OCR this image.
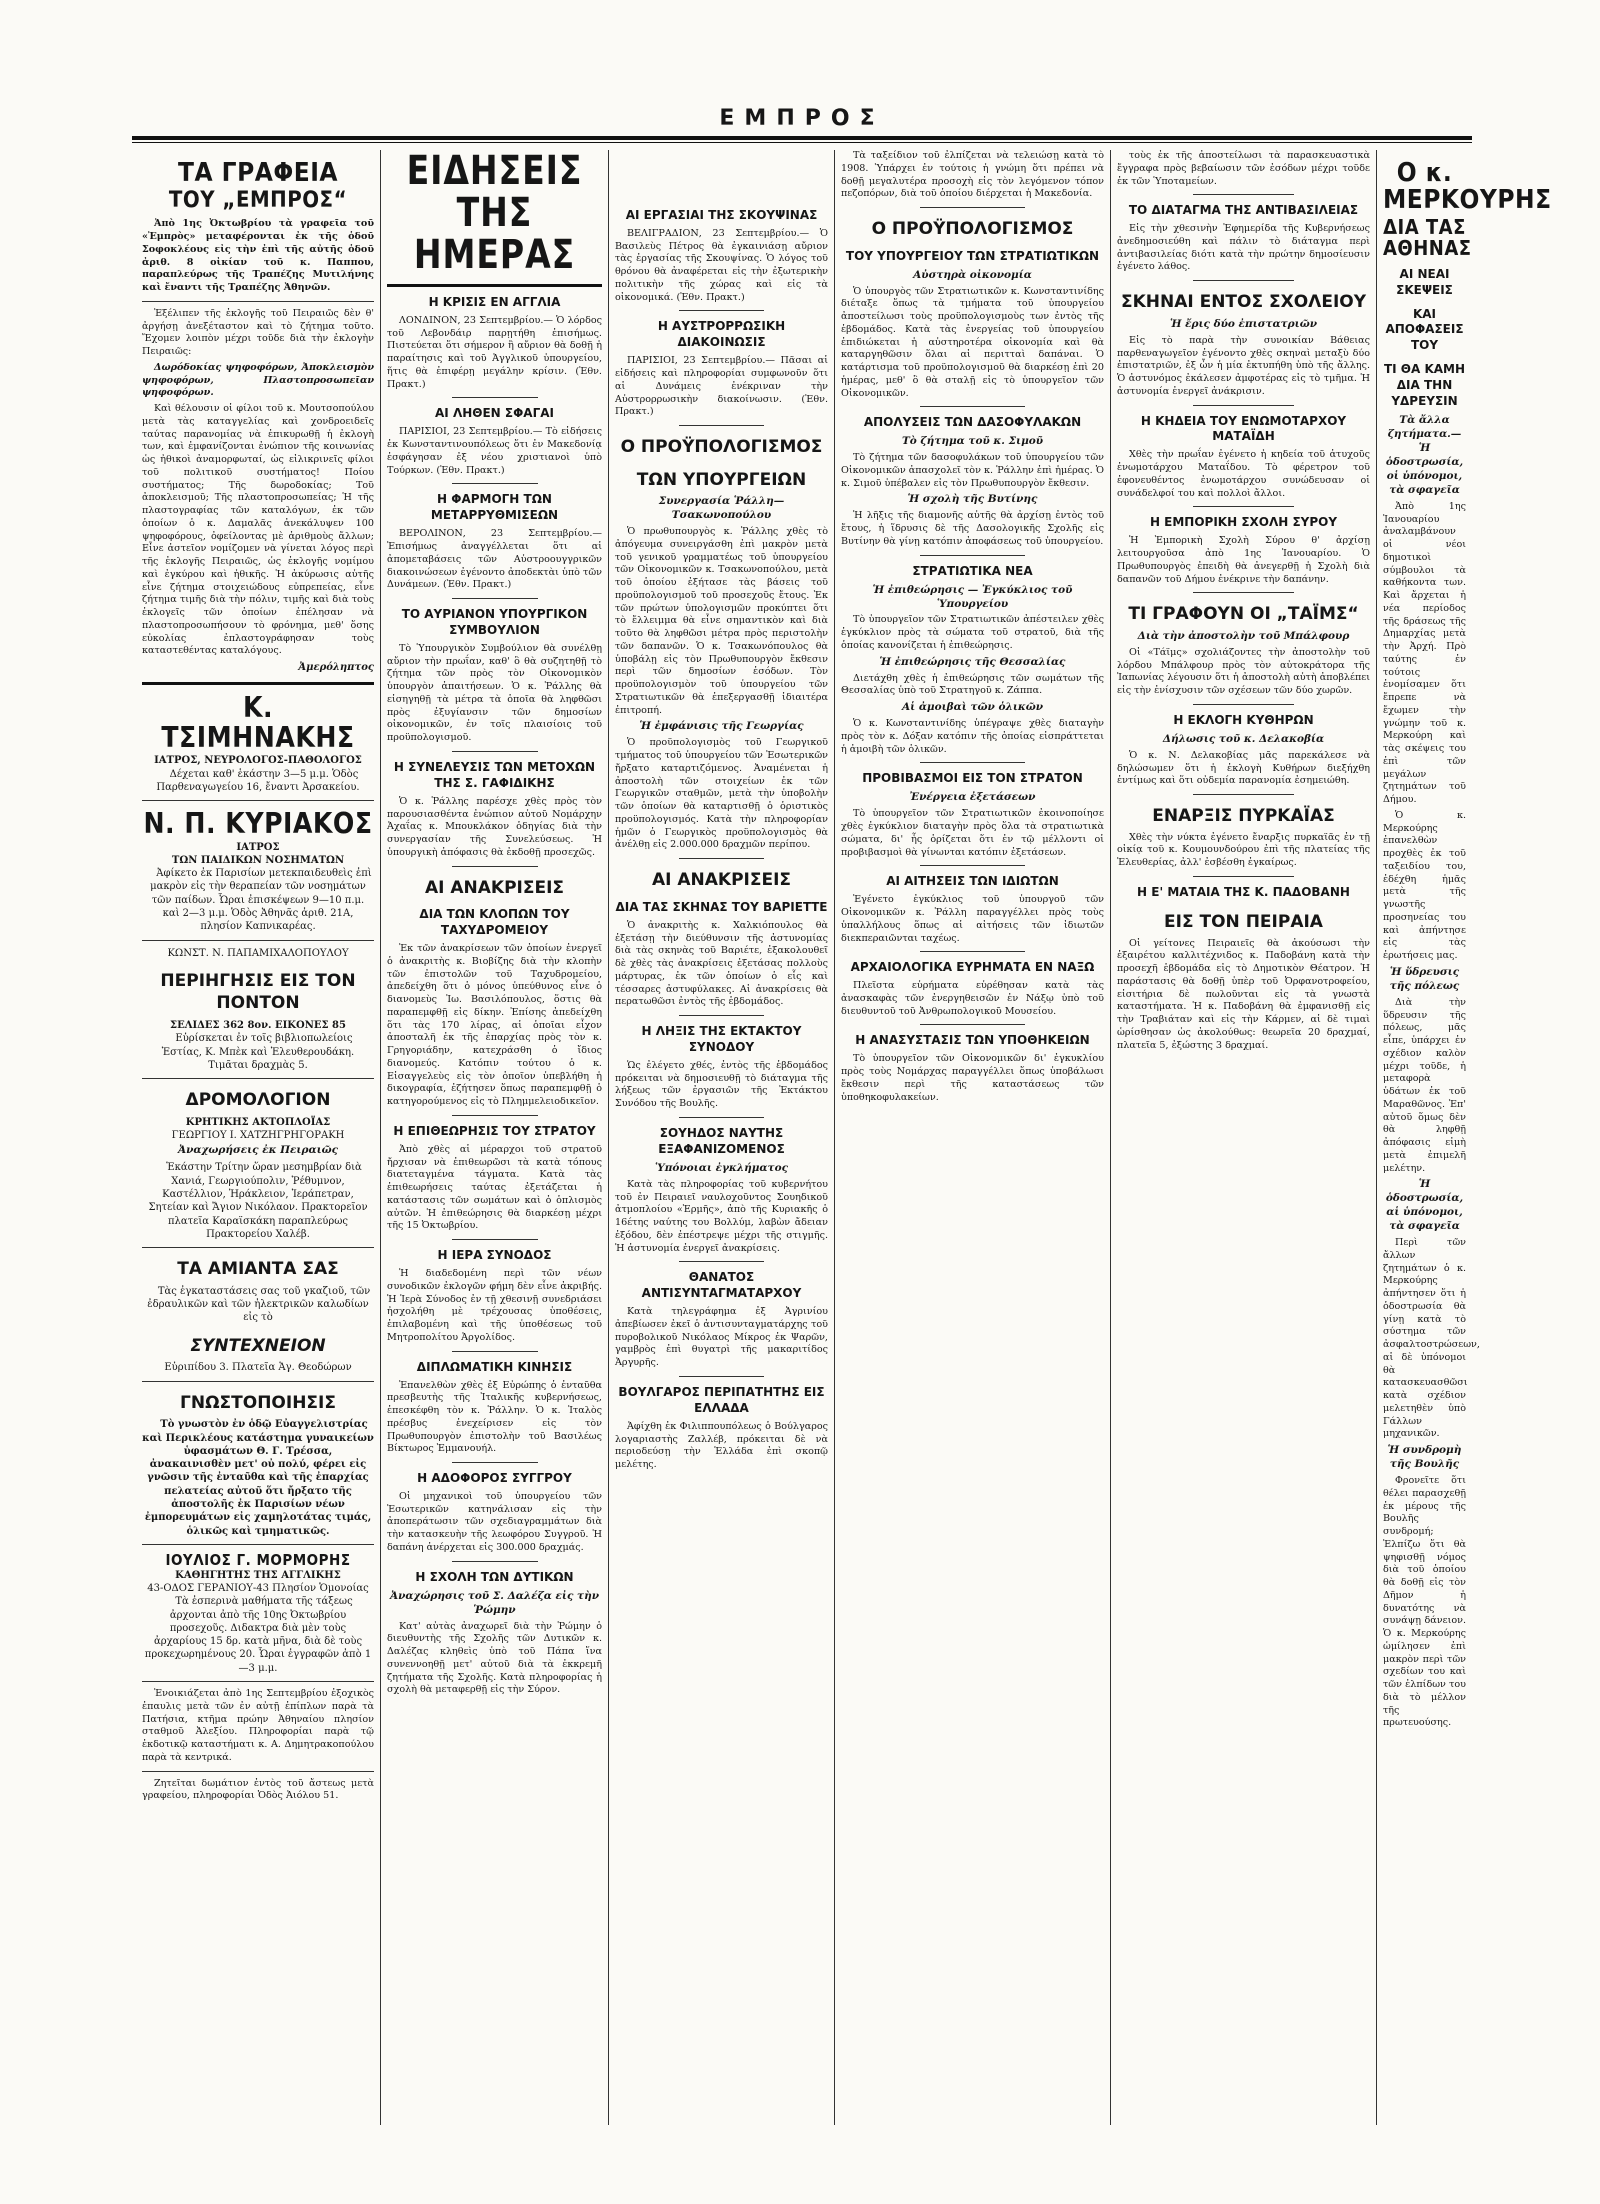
ΕΜΠΡΟΣ
ΤΑ ΓΡΑΦΕΙΑ
ΤΟΥ „ΕΜΠΡΟΣ“

Ἀπὸ 1ης Ὀκτωβρίου τὰ γραφεῖα τοῦ «Ἐμπρὸς» μεταφέρονται ἐκ τῆς ὁδοῦ Σοφοκλέους εἰς τὴν ἐπὶ τῆς αὐτῆς ὁδοῦ ἀριθ. 8 οἰκίαν τοῦ κ. Παππου, παραπλεύρως τῆς Τραπέζης Μυτιλήνης καὶ ἔναντι τῆς Τραπέζης Ἀθηνῶν.

Ἐξέλιπεν τῆς ἐκλογῆς τοῦ Πειραιῶς δὲν θ' ἀργήσῃ ἀνεξέταστον καὶ τὸ ζήτημα τοῦτο. Ἔχομεν λοιπὸν μέχρι τοῦδε διὰ τὴν ἐκλογὴν Πειραιῶς:

Δωρόδοκίας ψηφοφόρων, Ἀποκλεισμὸν ψηφοφόρων, Πλαστοπροσωπεῖαν ψηφοφόρων.

Καὶ θέλουσιν οἱ φίλοι τοῦ κ. Μουτσοπούλου μετὰ τὰς καταγγελίας καὶ χονδροειδεῖς ταύτας παρανομίας νὰ ἐπικυρωθῇ ἡ ἐκλογὴ των, καὶ ἐμφανίζονται ἐνώπιον τῆς κοινωνίας ὡς ἠθικοὶ ἀναμορφωταί, ὡς εἰλικρινεῖς φίλοι τοῦ πολιτικοῦ συστήματος! Ποίου συστήματος; Τῆς δωροδοκίας; Τοῦ ἀποκλεισμοῦ; Τῆς πλαστοπροσωπείας; Ἡ τῆς πλαστογραφίας τῶν καταλόγων, ἐκ τῶν ὁποίων ὁ κ. Δαμαλᾶς ἀνεκάλυψεν 100 ψηφοφόρους, ὀφείλοντας μὲ ἀριθμοὺς ἄλλων; Εἶνε ἀστεῖον νομίζομεν νὰ γίνεται λόγος περὶ τῆς ἐκλογῆς Πειραιῶς, ὡς ἐκλογῆς νομίμου καὶ ἐγκύρου καὶ ἠθικῆς. Ἡ ἀκύρωσις αὐτῆς εἶνε ζήτημα στοιχειώδους εὐπρεπείας, εἶνε ζήτημα τιμῆς διὰ τὴν πόλιν, τιμῆς καὶ διὰ τοὺς ἐκλογεῖς τῶν ὁποίων ἐπέλησαν νὰ πλαστοπροσωπήσουν τὸ φρόνημα, μεθ' ὅσης εὐκολίας ἐπλαστογράφησαν τοὺς καταστεθέντας καταλόγους.

Ἀμερόληπτος
Κ. ΤΣΙΜΗΝΑΚΗΣ
ΙΑΤΡΟΣ, ΝΕΥΡΟΛΟΓΟΣ-ΠΑΘΟΛΟΓΟΣ

Δέχεται καθ' ἑκάστην 3—5 μ.μ. Ὁδὸς Παρθεναγωγείου 16, ἔναντι Ἀρσακείου.

Ν. Π. ΚΥΡΙΑΚΟΣ
ΙΑΤΡΟΣ
ΤΩΝ ΠΑΙΔΙΚΩΝ ΝΟΣΗΜΑΤΩΝ

Ἀφίκετο ἐκ Παρισίων μετεκπαιδευθεὶς ἐπὶ μακρὸν εἰς τὴν θεραπείαν τῶν νοσημάτων τῶν παίδων. Ὧραι ἐπισκέψεων 9—10 π.μ. καὶ 2—3 μ.μ. Ὁδὸς Ἀθηνᾶς ἀριθ. 21Α, πλησίον Καπνικαρέας.

ΚΩΝΣΤ. Ν. ΠΑΠΑΜΙΧΑΛΟΠΟΥΛΟΥ
ΠΕΡΙΗΓΗΣΙΣ ΕΙΣ ΤΟΝ ΠΟΝΤΟΝ
ΣΕΛΙΔΕΣ 362 8ον. ΕΙΚΟΝΕΣ 85

Εὑρίσκεται ἐν τοῖς βιβλιοπωλείοις Ἑστίας, Κ. Μπὲκ καὶ Ἐλευθερουδάκη. Τιμᾶται δραχμὰς 5.

ΔΡΟΜΟΛΟΓΙΟΝ
ΚΡΗΤΙΚΗΣ ΑΚΤΟΠΛΟΪΑΣ
ΓΕΩΡΓΙΟΥ Ι. ΧΑΤΖΗΓΡΗΓΟΡΑΚΗ
Ἀναχωρήσεις ἐκ Πειραιῶς

Ἑκάστην Τρίτην ὥραν μεσημβρίαν διὰ Χανιά, Γεωργιούπολιν, Ῥέθυμνον, Καστέλλιον, Ἡράκλειον, Ἱεράπετραν, Σητείαν καὶ Ἄγιον Νικόλαον. Πρακτορεῖον πλατεῖα Καραϊσκάκη παραπλεύρως Πρακτορείου Χαλέβ.

ΤΑ ΑΜΙΑΝΤΑ ΣΑΣ

Τὰς ἐγκαταστάσεις σας τοῦ γκαζιοῦ, τῶν ἐδραυλικῶν καὶ τῶν ἠλεκτρικῶν καλωδίων εἰς τὸ

ΣΥΝΤΕΧΝΕΙΟΝ
Εὐριπίδου 3. Πλατεῖα Ἁγ. Θεοδώρων
ΓΝΩΣΤΟΠΟΙΗΣΙΣ

Τὸ γνωστὸν ἐν ὁδῷ Εὐαγγελιστρίας καὶ Περικλέους κατάστημα γυναικείων ὑφασμάτων Θ. Γ. Τρέσσα, ἀνακαινισθὲν μετ' οὐ πολύ, φέρει εἰς γνῶσιν τῆς ἐνταῦθα καὶ τῆς ἐπαρχίας πελατείας αὐτοῦ ὅτι ἤρξατο τῆς ἀποστολῆς ἐκ Παρισίων νέων ἐμπορευμάτων εἰς χαμηλοτάτας τιμάς, ὁλικῶς καὶ τμηματικῶς.

ΙΟΥΛΙΟΣ Γ. ΜΟΡΜΟΡΗΣ
ΚΑΘΗΓΗΤΗΣ ΤΗΣ ΑΓΓΛΙΚΗΣ
43-ΟΔΟΣ ΓΕΡΑΝΙΟΥ-43 Πλησίον Ὁμονοίας

Τὰ ἐσπερινὰ μαθήματα τῆς τάξεως ἀρχονται ἀπὸ τῆς 10ης Ὀκτωβρίου προσεχοῦς. Διδακτρα διὰ μὲν τοὺς ἀρχαρίους 15 δρ. κατὰ μῆνα, διὰ δὲ τοὺς προκεχωρημένους 20. Ὧραι ἐγγραφῶν ἀπὸ 1—3 μ.μ.

Ἐνοικιάζεται ἀπὸ 1ης Σεπτεμβρίου ἐξοχικὸς ἐπαυλις μετὰ τῶν ἐν αὐτῇ ἐπίπλων παρὰ τὰ Πατήσια, κτῆμα πρώην Ἀθηναίου πλησίον σταθμοῦ Ἀλεξίου. Πληροφορίαι παρὰ τῷ ἐκδοτικῷ καταστήματι κ. Α. Δημητρακοπούλου παρὰ τὰ κεντρικά.

Ζητεῖται δωμάτιον ἐντὸς τοῦ ἄστεως μετὰ γραφείου, πληροφορίαι Ὁδὸς Ἀιόλου 51.

ΕΙΔΗΣΕΙΣ ΤΗΣ ΗΜΕΡΑΣ
Η ΚΡΙΣΙΣ ΕΝ ΑΓΓΛΙΑ

ΛΟΝΔΙΝΟΝ, 23 Σεπτεμβρίου.— Ὁ λόρδος τοῦ Λεβονδάιρ παρῃτήθη ἐπισήμως. Πιστεύεται ὅτι σήμερον ἢ αὔριον θὰ δοθῇ ἡ παραίτησις καὶ τοῦ Ἀγγλικοῦ ὑπουργείου, ἥτις θὰ ἐπιφέρῃ μεγάλην κρίσιν. (Ἐθν. Πρακτ.)

ΑΙ ΛΗΘΕΝ ΣΦΑΓΑΙ

ΠΑΡΙΣΙΟΙ, 23 Σεπτεμβρίου.— Τὸ εἰδήσεις ἐκ Κωνσταντινουπόλεως ὅτι ἐν Μακεδονίᾳ ἐσφάγησαν ἐξ νέου χριστιανοὶ ὑπὸ Τούρκων. (Ἐθν. Πρακτ.)

Η ΦΑΡΜΟΓΗ ΤΩΝ ΜΕΤΑΡΡΥΘΜΙΣΕΩΝ

ΒΕΡΟΛΙΝΟΝ, 23 Σεπτεμβρίου.— Ἐπισήμως ἀναγγέλλεται ὅτι αἱ ἀπομεταβάσεις τῶν Αὐστροουγγρικῶν διακοινώσεων ἐγένοντο ἀποδεκτὰι ὑπὸ τῶν Δυνάμεων. (Ἐθν. Πρακτ.)

ΤΟ ΑΥΡΙΑΝΟΝ ΥΠΟΥΡΓΙΚΟΝ ΣΥΜΒΟΥΛΙΟΝ

Τὸ Ὑπουργικὸν Συμβούλιον θὰ συνέλθῃ αὔριον τὴν πρωΐαν, καθ' ὃ θὰ συζητηθῇ τὸ ζήτημα τῶν πρὸς τὸν Οἰκονομικὸν ὑπουργὸν ἀπαιτήσεων. Ὁ κ. Ῥάλλης θὰ εἰσηγηθῇ τὰ μέτρα τὰ ὁποῖα θὰ ληφθῶσι πρὸς ἐξυγίανσιν τῶν δημοσίων οἰκονομικῶν, ἐν τοῖς πλαισίοις τοῦ προϋπολογισμοῦ.

Η ΣΥΝΕΛΕΥΣΙΣ ΤΩΝ ΜΕΤΟΧΩΝ ΤΗΣ Σ. ΓΑΦΙΔΙΚΗΣ

Ὁ κ. Ῥάλλης παρέσχε χθὲς πρὸς τὸν παρουσιασθέντα ἐνώπιον αὐτοῦ Νομάρχην Ἀχαΐας κ. Μπουκλάκον ὁδηγίας διὰ τὴν συνεργασίαν τῆς Συνελεύσεως. Ἡ ὑπουργικὴ ἀπόφασις θὰ ἐκδοθῇ προσεχῶς.

ΑΙ ΑΝΑΚΡΙΣΕΙΣ
ΔΙΑ ΤΩΝ ΚΛΟΠΩΝ ΤΟΥ ΤΑΧΥΔΡΟΜΕΙΟΥ

Ἐκ τῶν ἀνακρίσεων τῶν ὁποίων ἐνεργεῖ ὁ ἀνακριτὴς κ. Βιοβίζης διὰ τὴν κλοπὴν τῶν ἐπιστολῶν τοῦ Ταχυδρομείου, ἀπεδείχθη ὅτι ὁ μόνος ὑπεύθυνος εἶνε ὁ διανομεὺς Ἰω. Βασιλόπουλος, ὅστις θὰ παραπεμφθῇ εἰς δίκην. Ἐπίσης ἀπεδείχθη ὅτι τὰς 170 λίρας, αἱ ὁποῖαι εἶχον ἀποσταλῆ ἐκ τῆς ἐπαρχίας πρὸς τὸν κ. Γρηγοριάδην, κατεχράσθη ὁ ἴδιος διανομεύς. Κατόπιν τούτου ὁ κ. Εἰσαγγελεὺς εἰς τὸν ὁποῖον ὑπεβλήθη ἡ δικογραφία, ἐζήτησεν ὅπως παραπεμφθῇ ὁ κατηγορούμενος εἰς τὸ Πλημμελειοδικεῖον.

Η ΕΠΙΘΕΩΡΗΣΙΣ ΤΟΥ ΣΤΡΑΤΟΥ

Ἀπὸ χθὲς αἱ μέραρχοι τοῦ στρατοῦ ἤρχισαν νὰ ἐπιθεωρῶσι τὰ κατὰ τόπους διατεταγμένα τάγματα. Κατὰ τὰς ἐπιθεωρήσεις ταύτας ἐξετάζεται ἡ κατάστασις τῶν σωμάτων καὶ ὁ ὁπλισμὸς αὐτῶν. Ἡ ἐπιθεώρησις θὰ διαρκέσῃ μέχρι τῆς 15 Ὀκτωβρίου.

Η ΙΕΡΑ ΣΥΝΟΔΟΣ

Ἡ διαδεδομένη περὶ τῶν νέων συνοδικῶν ἐκλογῶν φήμη δὲν εἶνε ἀκριβής. Ἡ Ἱερὰ Σύνοδος ἐν τῇ χθεσινῇ συνεδριάσει ἠσχολήθη μὲ τρέχουσας ὑποθέσεις, ἐπιλαβομένη καὶ τῆς ὑποθέσεως τοῦ Μητροπολίτου Ἀργολίδος.

ΔΙΠΛΩΜΑΤΙΚΗ ΚΙΝΗΣΙΣ

Ἐπανελθὼν χθὲς ἐξ Εὐρώπης ὁ ἐνταῦθα πρεσβευτὴς τῆς Ἰταλικῆς κυβερνήσεως, ἐπεσκέφθη τὸν κ. Ῥάλλην. Ὁ κ. Ἰταλὸς πρέσβυς ἐνεχείρισεν εἰς τὸν Πρωθυπουργὸν ἐπιστολὴν τοῦ Βασιλέως Βίκτωρος Ἐμμανουήλ.

Η ΑΔΟΦΟΡΟΣ ΣΥΓΓΡΟΥ

Οἱ μηχανικοὶ τοῦ ὑπουργείου τῶν Ἐσωτερικῶν κατηνάλισαν εἰς τὴν ἀποπεράτωσιν τῶν σχεδιαγραμμάτων διὰ τὴν κατασκευὴν τῆς λεωφόρου Συγγροῦ. Ἡ δαπάνη ἀνέρχεται εἰς 300.000 δραχμάς.

Η ΣΧΟΛΗ ΤΩΝ ΔΥΤΙΚΩΝ
Ἀναχώρησις τοῦ Σ. Δαλέζα εἰς τὴν Ῥώμην

Κατ' αὐτὰς ἀναχωρεῖ διὰ τὴν Ῥώμην ὁ διευθυντὴς τῆς Σχολῆς τῶν Δυτικῶν κ. Δαλέζας κληθεὶς ὑπὸ τοῦ Πάπα ἵνα συνεννοηθῇ μετ' αὐτοῦ διὰ τὰ ἐκκρεμῆ ζητήματα τῆς Σχολῆς. Κατὰ πληροφορίας ἡ σχολὴ θὰ μεταφερθῇ εἰς τὴν Σύρον.

ΑΙ ΕΡΓΑΣΙΑΙ ΤΗΣ ΣΚΟΥΨΙΝΑΣ

ΒΕΛΙΓΡΑΔΙΟΝ, 23 Σεπτεμβρίου.— Ὁ Βασιλεὺς Πέτρος θὰ ἐγκαινιάσῃ αὔριον τὰς ἐργασίας τῆς Σκουψίνας. Ὁ λόγος τοῦ θρόνου θὰ ἀναφέρεται εἰς τὴν ἐξωτερικὴν πολιτικὴν τῆς χώρας καὶ εἰς τὰ οἰκονομικά. (Ἐθν. Πρακτ.)

Η ΑΥΣΤΡΟΡΡΩΣΙΚΗ ΔΙΑΚΟΙΝΩΣΙΣ

ΠΑΡΙΣΙΟΙ, 23 Σεπτεμβρίου.— Πᾶσαι αἱ εἰδήσεις καὶ πληροφορίαι συμφωνοῦν ὅτι αἱ Δυνάμεις ἐνέκριναν τὴν Αὐστρορρωσικὴν διακοίνωσιν. (Ἐθν. Πρακτ.)

Ο ΠΡΟΫΠΟΛΟΓΙΣΜΟΣ
ΤΩΝ ΥΠΟΥΡΓΕΙΩΝ
Συνεργασία Ῥάλλη—Τσακωνοπούλου

Ὁ πρωθυπουργὸς κ. Ῥάλλης χθὲς τὸ ἀπόγευμα συνειργάσθη ἐπὶ μακρὸν μετὰ τοῦ γενικοῦ γραμματέως τοῦ ὑπουργείου τῶν Οἰκονομικῶν κ. Τσακωνοπούλου, μετὰ τοῦ ὁποίου ἐξήτασε τὰς βάσεις τοῦ προϋπολογισμοῦ τοῦ προσεχοῦς ἔτους. Ἐκ τῶν πρώτων ὑπολογισμῶν προκύπτει ὅτι τὸ ἔλλειμμα θὰ εἶνε σημαντικὸν καὶ διὰ τοῦτο θὰ ληφθῶσι μέτρα πρὸς περιστολὴν τῶν δαπανῶν. Ὁ κ. Τσακωνόπουλος θὰ ὑποβάλῃ εἰς τὸν Πρωθυπουργὸν ἔκθεσιν περὶ τῶν δημοσίων ἐσόδων. Τὸν προϋπολογισμὸν τοῦ ὑπουργείου τῶν Στρατιωτικῶν θὰ ἐπεξεργασθῇ ἰδιαιτέρα ἐπιτροπή.

Ἡ ἐμφάνισις τῆς Γεωργίας

Ὁ προϋπολογισμὸς τοῦ Γεωργικοῦ τμήματος τοῦ ὑπουργείου τῶν Ἐσωτερικῶν ἤρξατο καταρτιζόμενος. Ἀναμένεται ἡ ἀποστολὴ τῶν στοιχείων ἐκ τῶν Γεωργικῶν σταθμῶν, μετὰ τὴν ὑποβολὴν τῶν ὁποίων θὰ καταρτισθῇ ὁ ὁριστικὸς προϋπολογισμός. Κατὰ τὴν πληροφορίαν ἡμῶν ὁ Γεωργικὸς προϋπολογισμὸς θὰ ἀνέλθῃ εἰς 2.000.000 δραχμῶν περίπου.

ΑΙ ΑΝΑΚΡΙΣΕΙΣ
ΔΙΑ ΤΑΣ ΣΚΗΝΑΣ ΤΟΥ ΒΑΡΙΕΤΤΕ

Ὁ ἀνακριτὴς κ. Χαλκιόπουλος θὰ ἐξετάσῃ τὴν διεύθυνσιν τῆς ἀστυνομίας διὰ τὰς σκηνὰς τοῦ Βαριέτε, ἐξακολουθεῖ δὲ χθὲς τὰς ἀνακρίσεις ἐξετάσας πολλοὺς μάρτυρας, ἐκ τῶν ὁποίων ὁ εἷς καὶ τέσσαρες ἀστυφύλακες. Αἱ ἀνακρίσεις θὰ περατωθῶσι ἐντὸς τῆς ἑβδομάδος.

Η ΛΗΞΙΣ ΤΗΣ ΕΚΤΑΚΤΟΥ ΣΥΝΟΔΟΥ

Ὡς ἐλέγετο χθές, ἐντὸς τῆς ἑβδομάδος πρόκειται νὰ δημοσιευθῇ τὸ διάταγμα τῆς λήξεως τῶν ἐργασιῶν τῆς Ἐκτάκτου Συνόδου τῆς Βουλῆς.

ΣΟΥΗΔΟΣ ΝΑΥΤΗΣ ΕΞΑΦΑΝΙΖΟΜΕΝΟΣ
Ὑπόνοιαι ἐγκλήματος

Κατὰ τὰς πληροφορίας τοῦ κυβερνήτου τοῦ ἐν Πειραιεῖ ναυλοχοῦντος Σουηδικοῦ ἀτμοπλοίου «Ἑρμῆς», ἀπὸ τῆς Κυριακῆς ὁ 16έτης ναύτης του Βολλύμ, λαβὼν ἄδειαν ἐξόδου, δὲν ἐπέστρεψε μέχρι τῆς στιγμῆς. Ἡ ἀστυνομία ἐνεργεῖ ἀνακρίσεις.

ΘΑΝΑΤΟΣ ΑΝΤΙΣΥΝΤΑΓΜΑΤΑΡΧΟΥ

Κατὰ τηλεγράφημα ἐξ Ἀγρινίου ἀπεβίωσεν ἐκεῖ ὁ ἀντισυνταγματάρχης τοῦ πυροβολικοῦ Νικόλαος Μίκρος ἐκ Ψαρῶν, γαμβρὸς ἐπὶ θυγατρὶ τῆς μακαριτίδος Ἀργυρῆς.

ΒΟΥΛΓΑΡΟΣ ΠΕΡΙΠΑΤΗΤΗΣ ΕΙΣ ΕΛΛΑΔΑ

Ἀφίχθη ἐκ Φιλιππουπόλεως ὁ Βούλγαρος λογαριαστὴς Ζαλλέβ, πρόκειται δὲ νὰ περιοδεύσῃ τὴν Ἑλλάδα ἐπὶ σκοπῷ μελέτης.

Τὰ ταξείδιον τοῦ ἐλπίζεται νὰ τελειώσῃ κατὰ τὸ 1908. Ὑπάρχει ἐν τούτοις ἡ γνώμη ὅτι πρέπει νὰ δοθῇ μεγαλυτέρα προσοχὴ εἰς τὸν λεγόμενον τόπον πεζοπόρων, διὰ τοῦ ὁποίου διέρχεται ἡ Μακεδονία.

Ο ΠΡΟΫΠΟΛΟΓΙΣΜΟΣ
ΤΟΥ ΥΠΟΥΡΓΕΙΟΥ ΤΩΝ ΣΤΡΑΤΙΩΤΙΚΩΝ
Αὐστηρὰ οἰκονομία

Ὁ ὑπουργὸς τῶν Στρατιωτικῶν κ. Κωνσταντινίδης διέταξε ὅπως τὰ τμήματα τοῦ ὑπουργείου ἀποστείλωσι τοὺς προϋπολογισμοὺς των ἐντὸς τῆς ἑβδομάδος. Κατὰ τὰς ἐνεργείας τοῦ ὑπουργείου ἐπιδιώκεται ἡ αὐστηροτέρα οἰκονομία καὶ θὰ καταργηθῶσιν ὅλαι αἱ περιτταὶ δαπάναι. Ὁ κατάρτισμα τοῦ προϋπολογισμοῦ θὰ διαρκέσῃ ἐπὶ 20 ἡμέρας, μεθ' ὃ θὰ σταλῇ εἰς τὸ ὑπουργεῖον τῶν Οἰκονομικῶν.

ΑΠΟΛΥΣΕΙΣ ΤΩΝ ΔΑΣΟΦΥΛΑΚΩΝ
Τὸ ζήτημα τοῦ κ. Σιμοῦ

Τὸ ζήτημα τῶν δασοφυλάκων τοῦ ὑπουργείου τῶν Οἰκονομικῶν ἀπασχολεῖ τὸν κ. Ῥάλλην ἐπὶ ἡμέρας. Ὁ κ. Σιμοῦ ὑπέβαλεν εἰς τὸν Πρωθυπουργὸν ἔκθεσιν.

Ἡ σχολὴ τῆς Βυτίνης

Ἡ λῆξις τῆς διαμονῆς αὐτῆς θὰ ἀρχίσῃ ἐντὸς τοῦ ἔτους, ἡ ἵδρυσις δὲ τῆς Δασολογικῆς Σχολῆς εἰς Βυτίνην θὰ γίνῃ κατόπιν ἀποφάσεως τοῦ ὑπουργείου.

ΣΤΡΑΤΙΩΤΙΚΑ ΝΕΑ
Ἡ ἐπιθεώρησις — Ἐγκύκλιος τοῦ Ὑπουργείου

Τὸ ὑπουργεῖον τῶν Στρατιωτικῶν ἀπέστειλεν χθὲς ἐγκύκλιον πρὸς τὰ σώματα τοῦ στρατοῦ, διὰ τῆς ὁποίας κανονίζεται ἡ ἐπιθεώρησις.

Ἡ ἐπιθεώρησις τῆς Θεσσαλίας

Διετάχθη χθὲς ἡ ἐπιθεώρησις τῶν σωμάτων τῆς Θεσσαλίας ὑπὸ τοῦ Στρατηγοῦ κ. Ζάππα.

Αἱ ἀμοιβαὶ τῶν ὁλικῶν

Ὁ κ. Κωνσταντινίδης ὑπέγραψε χθὲς διαταγὴν πρὸς τὸν κ. Δόξαν κατόπιν τῆς ὁποίας εἰσπράττεται ἡ ἀμοιβὴ τῶν ὁλικῶν.

ΠΡΟΒΙΒΑΣΜΟΙ ΕΙΣ ΤΟΝ ΣΤΡΑΤΟΝ
Ἐνέργεια ἐξετάσεων

Τὸ ὑπουργεῖον τῶν Στρατιωτικῶν ἐκοινοποίησε χθὲς ἐγκύκλιον διαταγὴν πρὸς ὅλα τὰ στρατιωτικὰ σώματα, δι' ἧς ὁρίζεται ὅτι ἐν τῷ μέλλοντι οἱ προβιβασμοὶ θὰ γίνωνται κατόπιν ἐξετάσεων.

ΑΙ ΑΙΤΗΣΕΙΣ ΤΩΝ ΙΔΙΩΤΩΝ

Ἐγένετο ἐγκύκλιος τοῦ ὑπουργοῦ τῶν Οἰκονομικῶν κ. Ῥάλλη παραγγέλλει πρὸς τοὺς ὑπαλλήλους ὅπως αἱ αἰτήσεις τῶν ἰδιωτῶν διεκπεραιῶνται ταχέως.

ΑΡΧΑΙΟΛΟΓΙΚΑ ΕΥΡΗΜΑΤΑ ΕΝ ΝΑΞΩ

Πλεῖστα εὑρήματα εὑρέθησαν κατὰ τὰς ἀνασκαφὰς τῶν ἐνεργηθεισῶν ἐν Νάξῳ ὑπὸ τοῦ διευθυντοῦ τοῦ Ἀνθρωπολογικοῦ Μουσείου.

Η ΑΝΑΣΥΣΤΑΣΙΣ ΤΩΝ ΥΠΟΘΗΚΕΙΩΝ

Τὸ ὑπουργεῖον τῶν Οἰκονομικῶν δι' ἐγκυκλίου πρὸς τοὺς Νομάρχας παραγγέλλει ὅπως ὑποβάλωσι ἔκθεσιν περὶ τῆς καταστάσεως τῶν ὑποθηκοφυλακείων.

τοὺς ἐκ τῆς ἀποστείλωσι τὰ παρασκευαστικὰ ἔγγραφα πρὸς βεβαίωσιν τῶν ἐσόδων μέχρι τοῦδε ἐκ τῶν Ὑποταμείων.

ΤΟ ΔΙΑΤΑΓΜΑ ΤΗΣ ΑΝΤΙΒΑΣΙΛΕΙΑΣ

Εἰς τὴν χθεσινὴν Ἐφημερίδα τῆς Κυβερνήσεως ἀνεδημοσιεύθη καὶ πάλιν τὸ διάταγμα περὶ ἀντιβασιλείας διότι κατὰ τὴν πρώτην δημοσίευσιν ἐγένετο λάθος.

ΣΚΗΝΑΙ ΕΝΤΟΣ ΣΧΟΛΕΙΟΥ
Ἡ ἔρις δύο ἐπιστατριῶν

Εἰς τὸ παρὰ τὴν συνοικίαν Βάθειας παρθεναγωγεῖον ἐγένοντο χθὲς σκηναὶ μεταξὺ δύο ἐπιστατριῶν, ἐξ ὧν ἡ μία ἐκτυπήθη ὑπὸ τῆς ἄλλης. Ὁ ἀστυνόμος ἐκάλεσεν ἀμφοτέρας εἰς τὸ τμῆμα. Ἡ ἀστυνομία ἐνεργεῖ ἀνάκρισιν.

Η ΚΗΔΕΙΑ ΤΟΥ ΕΝΩΜΟΤΑΡΧΟΥ ΜΑΤΑΪΔΗ

Χθὲς τὴν πρωΐαν ἐγένετο ἡ κηδεία τοῦ ἀτυχοῦς ἐνωμοτάρχου Ματαΐδου. Τὸ φέρετρον τοῦ ἐφονευθέντος ἐνωμοτάρχου συνώδευσαν οἱ συνάδελφοί του καὶ πολλοὶ ἄλλοι.

Η ΕΜΠΟΡΙΚΗ ΣΧΟΛΗ ΣΥΡΟΥ

Ἡ Ἐμπορικὴ Σχολὴ Σύρου θ' ἀρχίσῃ λειτουργοῦσα ἀπὸ 1ης Ἰανουαρίου. Ὁ Πρωθυπουργὸς ἐπειδὴ θὰ ἀνεγερθῇ ἡ Σχολὴ διὰ δαπανῶν τοῦ Δήμου ἐνέκρινε τὴν δαπάνην.

ΤΙ ΓΡΑΦΟΥΝ ΟΙ „ΤΑΪΜΣ“
Διὰ τὴν ἀποστολὴν τοῦ Μπάλφουρ

Οἱ «Τάϊμς» σχολιάζοντες τὴν ἀποστολὴν τοῦ λόρδου Μπάλφουρ πρὸς τὸν αὐτοκράτορα τῆς Ἰαπωνίας λέγουσιν ὅτι ἡ ἀποστολὴ αὐτὴ ἀποβλέπει εἰς τὴν ἐνίσχυσιν τῶν σχέσεων τῶν δύο χωρῶν.

Η ΕΚΛΟΓΗ ΚΥΘΗΡΩΝ
Δήλωσις τοῦ κ. Δελακοβία

Ὁ κ. Ν. Δελακοβίας μᾶς παρεκάλεσε νὰ δηλώσωμεν ὅτι ἡ ἐκλογὴ Κυθήρων διεξήχθη ἐντίμως καὶ ὅτι οὐδεμία παρανομία ἐσημειώθη.

ΕΝΑΡΞΙΣ ΠΥΡΚΑΪΑΣ

Χθὲς τὴν νύκτα ἐγένετο ἔναρξις πυρκαϊᾶς ἐν τῇ οἰκίᾳ τοῦ κ. Κουμουνδούρου ἐπὶ τῆς πλατείας τῆς Ἐλευθερίας, ἀλλ' ἐσβέσθη ἐγκαίρως.

Η Ε' ΜΑΤΑΙΑ ΤΗΣ Κ. ΠΑΔΟΒΑΝΗ
ΕΙΣ ΤΟΝ ΠΕΙΡΑΙΑ

Οἱ γείτονες Πειραιεῖς θὰ ἀκούσωσι τὴν ἐξαιρέτου καλλιτέχνιδος κ. Παδοβάνη κατὰ τὴν προσεχῆ ἑβδομάδα εἰς τὸ Δημοτικὸν Θέατρον. Ἡ παράστασις θὰ δοθῇ ὑπὲρ τοῦ Ὀρφανοτροφείου, εἰσιτήρια δὲ πωλοῦνται εἰς τὰ γνωστὰ καταστήματα. Ἡ κ. Παδοβάνη θὰ ἐμφανισθῇ εἰς τὴν Τραβιάταν καὶ εἰς τὴν Κάρμεν, αἱ δὲ τιμαὶ ὡρίσθησαν ὡς ἀκολούθως: θεωρεῖα 20 δραχμαί, πλατεῖα 5, ἐξώστης 3 δραχμαί.

Ο κ. ΜΕΡΚΟΥΡΗΣ
ΔΙΑ ΤΑΣ ΑΘΗΝΑΣ
ΑΙ ΝΕΑΙ ΣΚΕΨΕΙΣ
ΚΑΙ ΑΠΟΦΑΣΕΙΣ ΤΟΥ
ΤΙ ΘΑ ΚΑΜΗ ΔΙΑ ΤΗΝ ΥΔΡΕΥΣΙΝ
Τὰ ἄλλα ζητήματα.— Ἡ ὁδοστρωσία, οἱ ὑπόνομοι, τὰ σφαγεῖα

Ἀπὸ 1ης Ἰανουαρίου ἀναλαμβάνουν οἱ νέοι δημοτικοὶ σύμβουλοι τὰ καθήκοντα των. Καὶ ἄρχεται ἡ νέα περίοδος τῆς δράσεως τῆς Δημαρχίας μετὰ τὴν Ἀρχή. Πρὸ ταύτης ἐν τούτοις ἐνομίσαμεν ὅτι ἔπρεπε νὰ ἔχωμεν τὴν γνώμην τοῦ κ. Μερκούρη καὶ τὰς σκέψεις του ἐπὶ τῶν μεγάλων ζητημάτων τοῦ Δήμου.

Ὁ κ. Μερκούρης ἐπανελθὼν προχθὲς ἐκ τοῦ ταξειδίου του, ἐδέχθη ἡμᾶς μετὰ τῆς γνωστῆς προσηνείας του καὶ ἀπήντησε εἰς τὰς ἐρωτήσεις μας.

Ἡ ὕδρευσις τῆς πόλεως

Διὰ τὴν ὕδρευσιν τῆς πόλεως, μᾶς εἶπε, ὑπάρχει ἐν σχέδιον καλὸν μέχρι τοῦδε, ἡ μεταφορὰ ὑδάτων ἐκ τοῦ Μαραθῶνος. Ἐπ' αὐτοῦ ὅμως δὲν θὰ ληφθῇ ἀπόφασις εἰμὴ μετὰ ἐπιμελῆ μελέτην.

Ἡ ὁδοστρωσία, αἱ ὑπόνομοι, τὰ σφαγεῖα

Περὶ τῶν ἄλλων ζητημάτων ὁ κ. Μερκούρης ἀπήντησεν ὅτι ἡ ὁδοστρωσία θὰ γίνῃ κατὰ τὸ σύστημα τῶν ἀσφαλτοστρώσεων, αἱ δὲ ὑπόνομοι θὰ κατασκευασθῶσι κατὰ σχέδιον μελετηθὲν ὑπὸ Γάλλων μηχανικῶν.

Ἡ συνδρομὴ τῆς Βουλῆς

Φρονεῖτε ὅτι θέλει παρασχεθῇ ἐκ μέρους τῆς Βουλῆς συνδρομή; Ἐλπίζω ὅτι θὰ ψηφισθῇ νόμος διὰ τοῦ ὁποίου θὰ δοθῇ εἰς τὸν Δῆμον ἡ δυνατότης νὰ συνάψῃ δάνειον. Ὁ κ. Μερκούρης ὡμίλησεν ἐπὶ μακρὸν περὶ τῶν σχεδίων του καὶ τῶν ἐλπίδων του διὰ τὸ μέλλον τῆς πρωτευούσης.
